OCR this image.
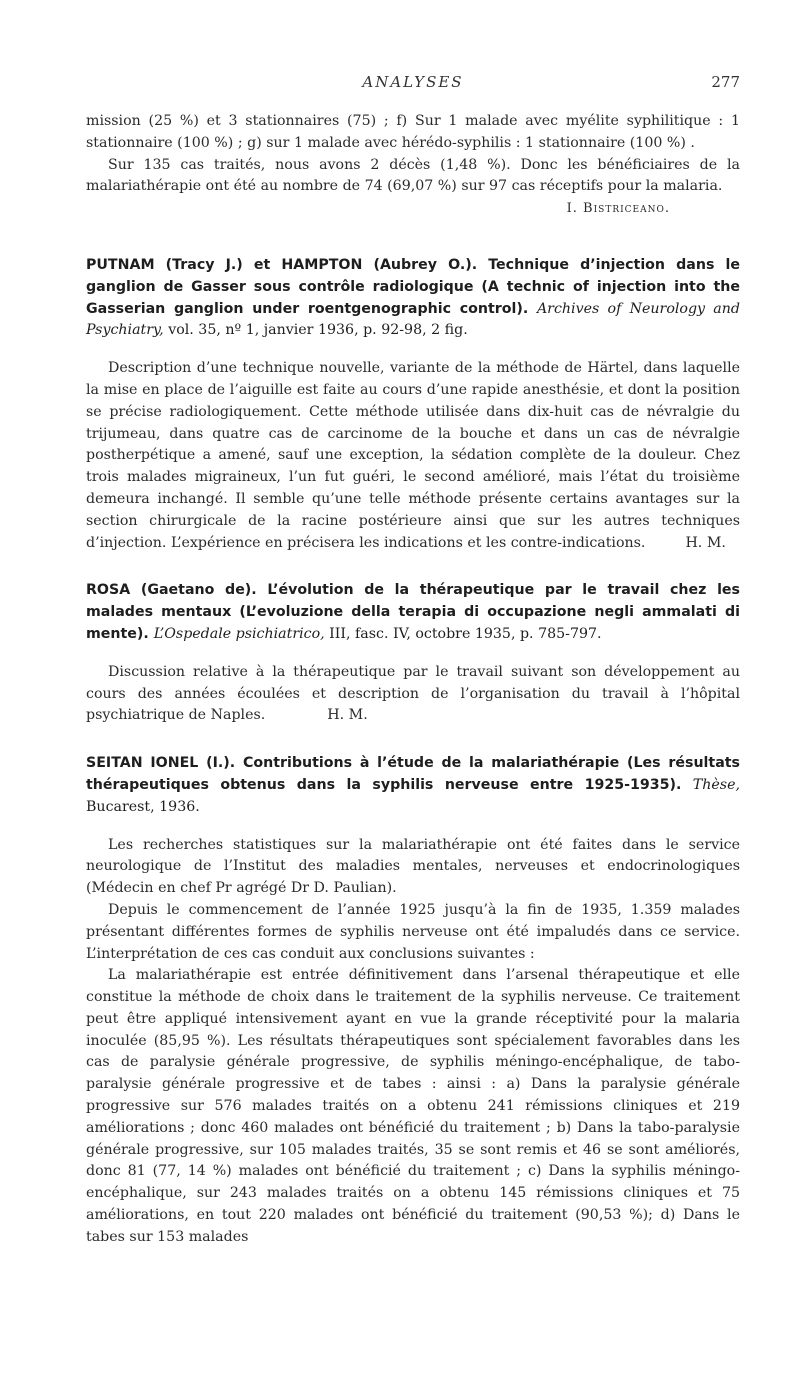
ANALYSES	277

mission (25 %) et 3 stationnaires (75) ; f) Sur 1 malade avec myélite syphilitique : 1 stationnaire (100 %) ; g) sur 1 malade avec hérédo-syphilis : 1 stationnaire (100 %) .

Sur 135 cas traités, nous avons 2 décès (1,48 %). Donc les bénéficiaires de la malariathérapie ont été au nombre de 74 (69,07 %) sur 97 cas réceptifs pour la malaria.

I. Bistriceano.

PUTNAM (Tracy J.) et HAMPTON (Aubrey O.). Technique d’injection dans le ganglion de Gasser sous contrôle radiologique (A technic of injection into the Gasserian ganglion under roentgenographic control). Archives of Neurology and Psychiatry, vol. 35, nº 1, janvier 1936, p. 92-98, 2 fig.

Description d’une technique nouvelle, variante de la méthode de Härtel, dans laquelle la mise en place de l’aiguille est faite au cours d’une rapide anesthésie, et dont la position se précise radiologiquement. Cette méthode utilisée dans dix-huit cas de névralgie du trijumeau, dans quatre cas de carcinome de la bouche et dans un cas de névralgie postherpétique a amené, sauf une exception, la sédation complète de la douleur. Chez trois malades migraineux, l’un fut guéri, le second amélioré, mais l’état du troisième demeura inchangé. Il semble qu’une telle méthode présente certains avantages sur la section chirurgicale de la racine postérieure ainsi que sur les autres techniques d’injection. L’expérience en précisera les indications et les contre-indications.	H. M.

ROSA (Gaetano de). L’évolution de la thérapeutique par le travail chez les malades mentaux (L’evoluzione della terapia di occupazione negli ammalati di mente). L’Ospedale psichiatrico, III, fasc. IV, octobre 1935, p. 785-797.

Discussion relative à la thérapeutique par le travail suivant son développement au cours des années écoulées et description de l’organisation du travail à l’hôpital psychiatrique de Naples.	H. M.

SEITAN IONEL (I.). Contributions à l’étude de la malariathérapie (Les résultats thérapeutiques obtenus dans la syphilis nerveuse entre 1925-1935). Thèse, Bucarest, 1936.

Les recherches statistiques sur la malariathérapie ont été faites dans le service neurologique de l’Institut des maladies mentales, nerveuses et endocrinologiques (Médecin en chef Pr agrégé Dr D. Paulian).

Depuis le commencement de l’année 1925 jusqu’à la fin de 1935, 1.359 malades présentant différentes formes de syphilis nerveuse ont été impaludés dans ce service. L’interprétation de ces cas conduit aux conclusions suivantes :

La malariathérapie est entrée définitivement dans l’arsenal thérapeutique et elle constitue la méthode de choix dans le traitement de la syphilis nerveuse. Ce traitement peut être appliqué intensivement ayant en vue la grande réceptivité pour la malaria inoculée (85,95 %). Les résultats thérapeutiques sont spécialement favorables dans les cas de paralysie générale progressive, de syphilis méningo-encéphalique, de tabo-paralysie générale progressive et de tabes : ainsi : a) Dans la paralysie générale progressive sur 576 malades traités on a obtenu 241 rémissions cliniques et 219 améliorations ; donc 460 malades ont bénéficié du traitement ; b) Dans la tabo-paralysie générale progressive, sur 105 malades traités, 35 se sont remis et 46 se sont améliorés, donc 81 (77, 14 %) malades ont bénéficié du traitement ; c) Dans la syphilis méningo-encéphalique, sur 243 malades traités on a obtenu 145 rémissions cliniques et 75 améliorations, en tout 220 malades ont bénéficié du traitement (90,53 %); d) Dans le tabes sur 153 malades
